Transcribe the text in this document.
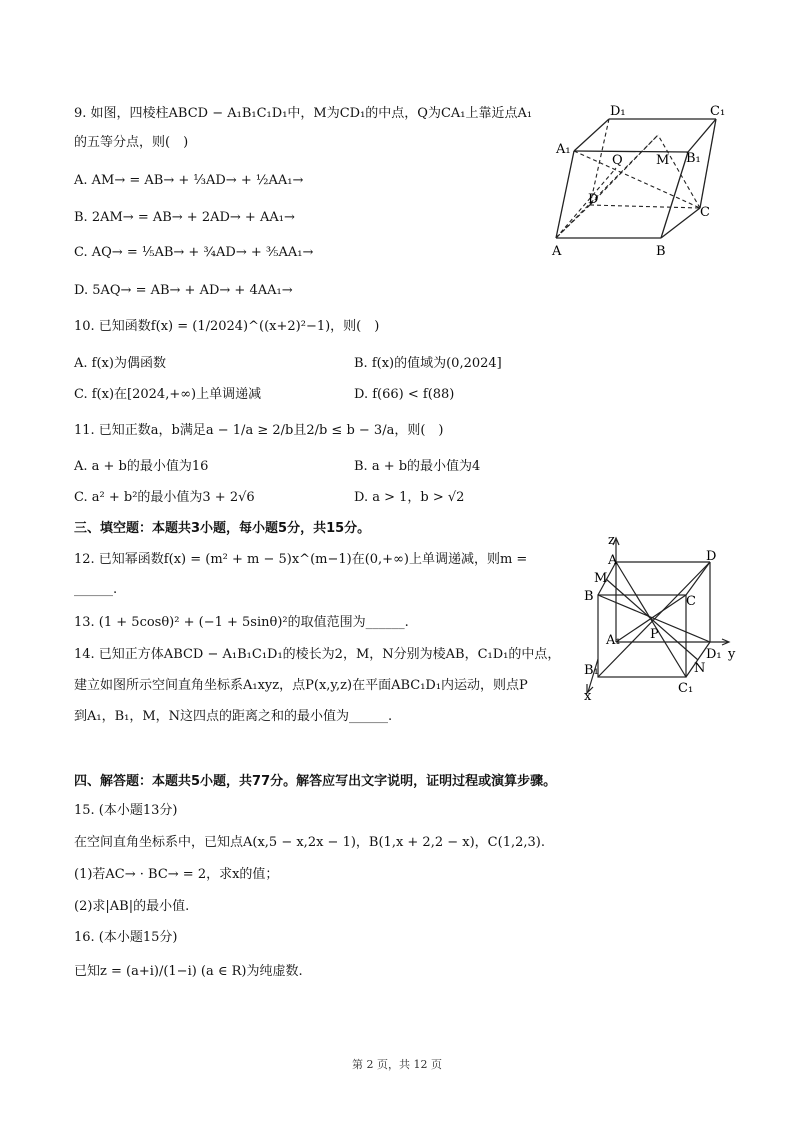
9. 如图，四棱柱ABCD − A₁B₁C₁D₁中，M为CD₁的中点，Q为CA₁上靠近点A₁
的五等分点，则(　)
A. AM→ = AB→ + ⅓AD→ + ½AA₁→
B. 2AM→ = AB→ + 2AD→ + AA₁→
C. AQ→ = ⅕AB→ + ¾AD→ + ⅗AA₁→
D. 5AQ→ = AB→ + AD→ + 4AA₁→
D₁	C₁
A₁
Q	M B₁
D
C
A	B
10. 已知函数f(x) = (1/2024)^((x+2)²−1)，则(　)
A. f(x)为偶函数	B. f(x)的值域为(0,2024]
C. f(x)在[2024,+∞)上单调递减	D. f(66) < f(88)
11. 已知正数a，b满足a − 1/a ≥ 2/b且2/b ≤ b − 3/a，则(　)
A. a + b的最小值为16	B. a + b的最小值为4
C. a² + b²的最小值为3 + 2√6	D. a > 1，b > √2
三、填空题：本题共3小题，每小题5分，共15分。
12. 已知幂函数f(x) = (m² + m − 5)x^(m−1)在(0,+∞)上单调递减，则m =
______.
13. (1 + 5cosθ)² + (−1 + 5sinθ)²的取值范围为______.
14. 已知正方体ABCD − A₁B₁C₁D₁的棱长为2，M，N分别为棱AB，C₁D₁的中点，
建立如图所示空间直角坐标系A₁xyz，点P(x,y,z)在平面ABC₁D₁内运动，则点P
到A₁，B₁，M，N这四点的距离之和的最小值为______.
z
A	D
M
B	C
A₁ P
D₁ y
B₁	N
C₁
x
四、解答题：本题共5小题，共77分。解答应写出文字说明，证明过程或演算步骤。
15. (本小题13分)
在空间直角坐标系中，已知点A(x,5 − x,2x − 1)，B(1,x + 2,2 − x)，C(1,2,3).
(1)若AC→ · BC→ = 2，求x的值；
(2)求|AB|的最小值.
16. (本小题15分)
已知z = (a+i)/(1−i) (a ∈ R)为纯虚数.
第 2 页，共 12 页
